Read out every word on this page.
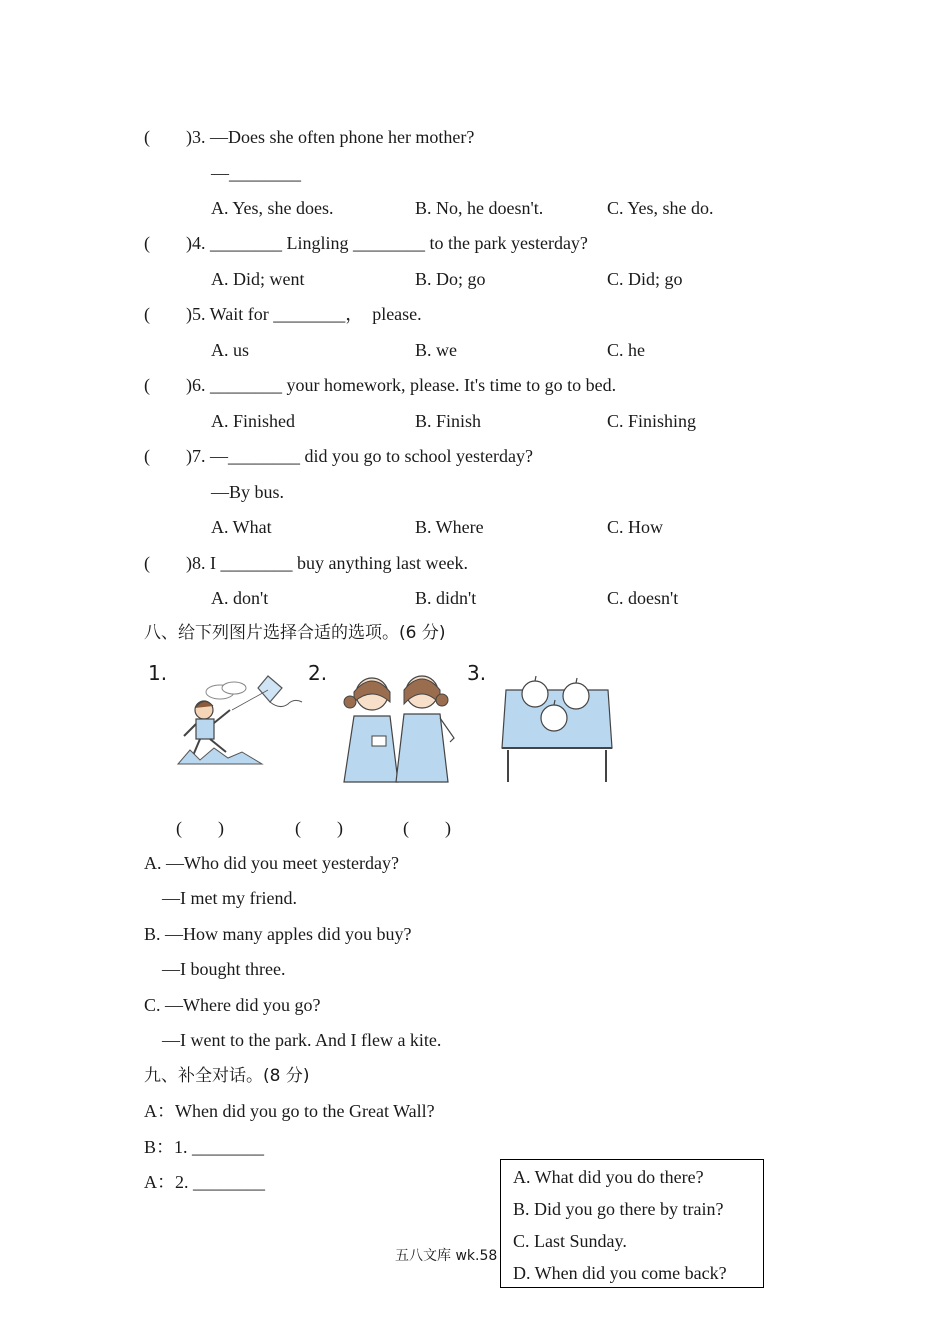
(        )3. —Does she often phone her mother?
—________
A. Yes, she does.	B. No, he doesn't.	C. Yes, she do.
(        )4. ________ Lingling ________ to the park yesterday?
A. Did; went	B. Do; go	C. Did; go
(        )5. Wait for ________，  please.
A. us	B. we	C. he
(        )6. ________ your homework, please. It's time to go to bed.
A. Finished	B. Finish	C. Finishing
(        )7. —________ did you go to school yesterday?
—By bus.
A. What	B. Where	C. How
(        )8. I ________ buy anything last week.
A. don't	B. didn't	C. doesn't
八、给下列图片选择合适的选项。(6 分)
1.	2.	3.
(        )	(        )	(        )
A. —Who did you meet yesterday?
—I met my friend.
B. —How many apples did you buy?
—I bought three.
C. —Where did you go?
—I went to the park. And I flew a kite.
九、补全对话。(8 分)
A：When did you go to the Great Wall?
B：1. ________
A：2. ________
五八文库 wk.58
A. What did you do there?
B. Did you go there by train?
C. Last Sunday.
D. When did you come back?
